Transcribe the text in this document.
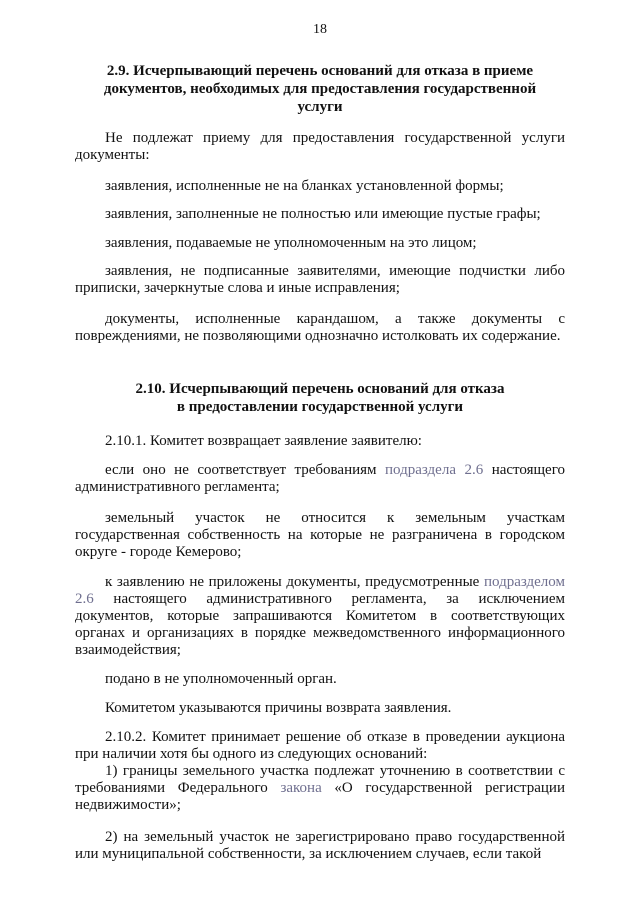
18
2.9. Исчерпывающий перечень оснований для отказа в приеме
документов, необходимых для предоставления государственной
услуги
Не подлежат приему для предоставления государственной услуги документы:
заявления, исполненные не на бланках установленной формы;
заявления, заполненные не полностью или имеющие пустые графы;
заявления, подаваемые не уполномоченным на это лицом;
заявления, не подписанные заявителями, имеющие подчистки либо приписки, зачеркнутые слова и иные исправления;
документы, исполненные карандашом, а также документы с повреждениями, не позволяющими однозначно истолковать их содержание.
2.10. Исчерпывающий перечень оснований для отказа
в предоставлении государственной услуги
2.10.1. Комитет возвращает заявление заявителю:
если оно не соответствует требованиям подраздела 2.6 настоящего административного регламента;
земельный участок не относится к земельным участкам государственная собственность на которые не разграничена в городском округе - городе Кемерово;
к заявлению не приложены документы, предусмотренные подразделом 2.6 настоящего административного регламента, за исключением документов, которые запрашиваются Комитетом в соответствующих органах и организациях в порядке межведомственного информационного взаимодействия;
подано в не уполномоченный орган.
Комитетом указываются причины возврата заявления.
2.10.2. Комитет принимает решение об отказе в проведении аукциона при наличии хотя бы одного из следующих оснований:
1) границы земельного участка подлежат уточнению в соответствии с требованиями Федерального закона «О государственной регистрации недвижимости»;
2) на земельный участок не зарегистрировано право государственной или муниципальной собственности, за исключением случаев, если такой
